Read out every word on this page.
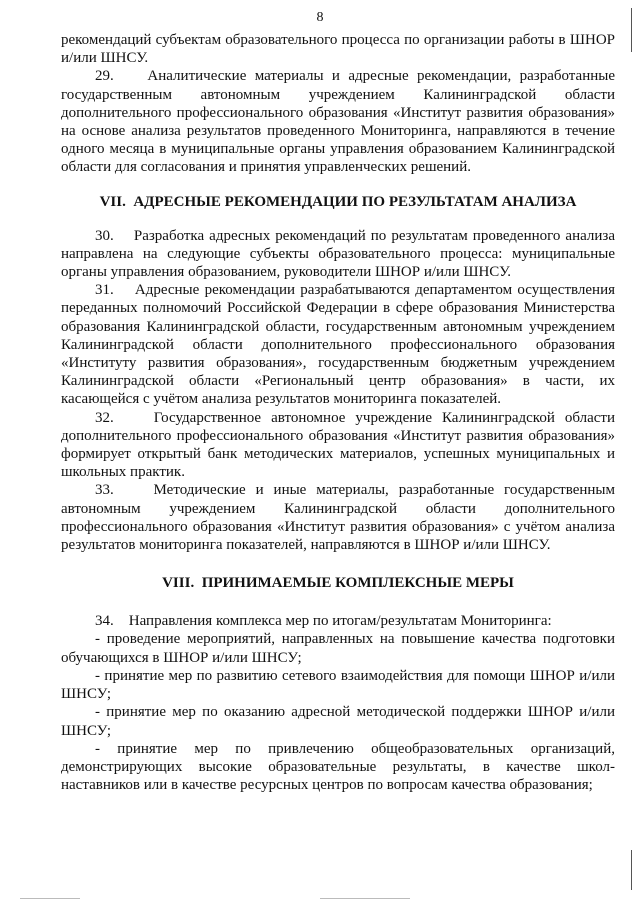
8

рекомендаций субъектам образовательного процесса по организации работы в ШНОР и/или ШНСУ.

29.    Аналитические материалы и адресные рекомендации, разработанные государственным автономным учреждением Калининградской области дополнительного профессионального образования «Институт развития образования» на основе анализа результатов проведенного Мониторинга, направляются в течение одного месяца в муниципальные органы управления образованием Калининградской области для согласования и принятия управленческих решений.

VII.  АДРЕСНЫЕ РЕКОМЕНДАЦИИ ПО РЕЗУЛЬТАТАМ АНАЛИЗА

30.    Разработка адресных рекомендаций по результатам проведенного анализа направлена на следующие субъекты образовательного процесса: муниципальные органы управления образованием, руководители ШНОР и/или ШНСУ.

31.    Адресные рекомендации разрабатываются департаментом осуществления переданных полномочий Российской Федерации в сфере образования Министерства образования Калининградской области, государственным автономным учреждением Калининградской области дополнительного профессионального образования «Институту развития образования», государственным бюджетным учреждением Калининградской области «Региональный центр образования» в части, их касающейся с учётом анализа результатов мониторинга показателей.

32.    Государственное автономное учреждение Калининградской области дополнительного профессионального образования «Институт развития образования» формирует открытый банк методических материалов, успешных муниципальных и школьных практик.

33.    Методические и иные материалы, разработанные государственным автономным учреждением Калининградской области дополнительного профессионального образования «Институт развития образования» с учётом анализа результатов мониторинга показателей, направляются в ШНОР и/или ШНСУ.

VIII.  ПРИНИМАЕМЫЕ КОМПЛЕКСНЫЕ МЕРЫ

34.    Направления комплекса мер по итогам/результатам Мониторинга:

- проведение мероприятий, направленных на повышение качества подготовки обучающихся в ШНОР и/или ШНСУ;

- принятие мер по развитию сетевого взаимодействия для помощи ШНОР и/или ШНСУ;

- принятие мер по оказанию адресной методической поддержки ШНОР и/или ШНСУ;

- принятие мер по привлечению общеобразовательных организаций, демонстрирующих высокие образовательные результаты, в качестве школ-наставников или в качестве ресурсных центров по вопросам качества образования;
